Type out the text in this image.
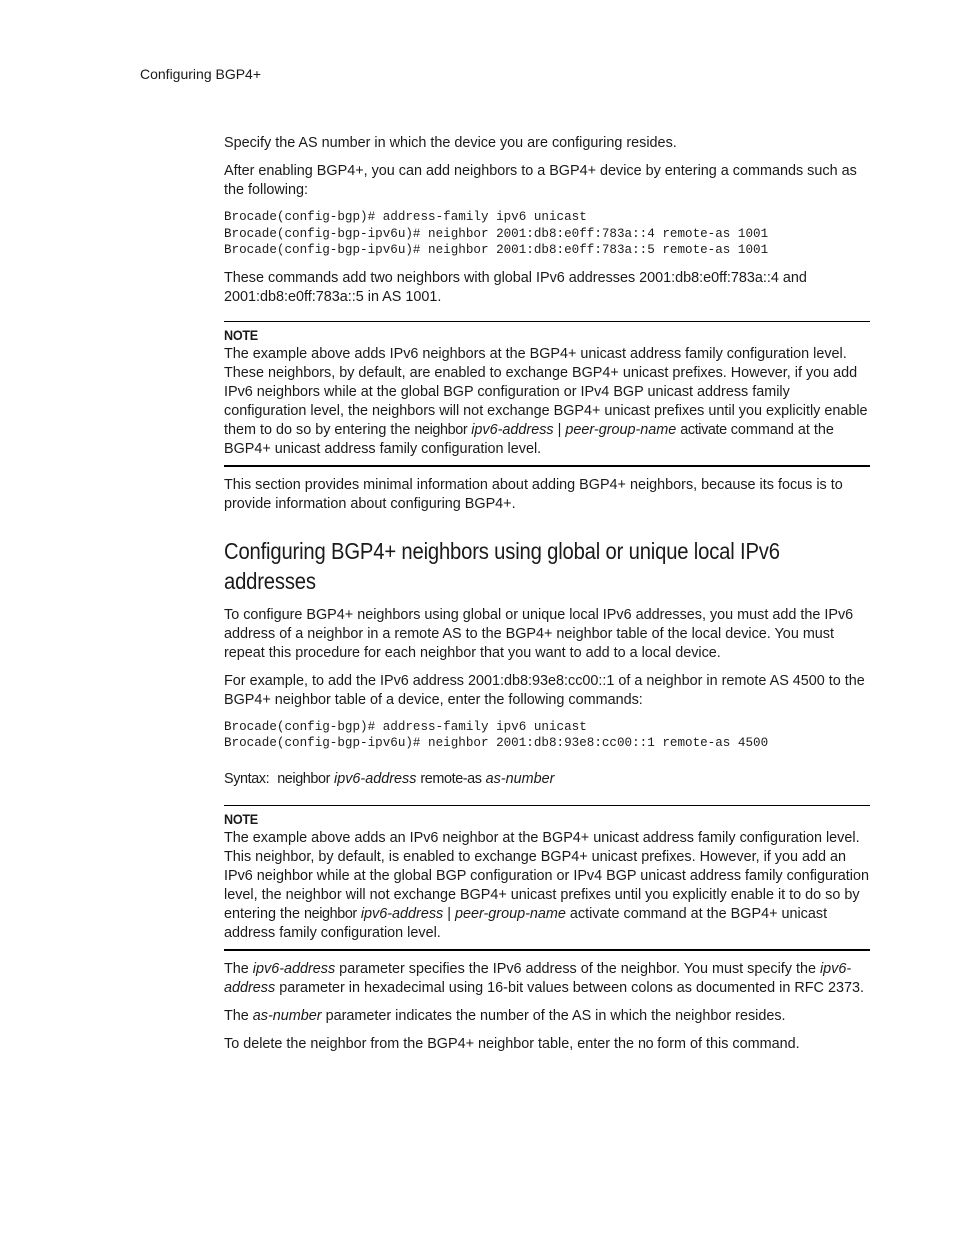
Configuring BGP4+

Specify the AS number in which the device you are configuring resides.

After enabling BGP4+, you can add neighbors to a BGP4+ device by entering a commands such as the following:

Brocade(config-bgp)# address-family ipv6 unicast
Brocade(config-bgp-ipv6u)# neighbor 2001:db8:e0ff:783a::4 remote-as 1001
Brocade(config-bgp-ipv6u)# neighbor 2001:db8:e0ff:783a::5 remote-as 1001

These commands add two neighbors with global IPv6 addresses 2001:db8:e0ff:783a::4 and 2001:db8:e0ff:783a::5 in AS 1001.

NOTE

The example above adds IPv6 neighbors at the BGP4+ unicast address family configuration level. These neighbors, by default, are enabled to exchange BGP4+ unicast prefixes. However, if you add IPv6 neighbors while at the global BGP configuration or IPv4 BGP unicast address family configuration level, the neighbors will not exchange BGP4+ unicast prefixes until you explicitly enable them to do so by entering the neighbor ipv6-address | peer-group-name activate command at the BGP4+ unicast address family configuration level.

This section provides minimal information about adding BGP4+ neighbors, because its focus is to provide information about configuring BGP4+.

Configuring BGP4+ neighbors using global or unique local IPv6 addresses

To configure BGP4+ neighbors using global or unique local IPv6 addresses, you must add the IPv6 address of a neighbor in a remote AS to the BGP4+ neighbor table of the local device. You must repeat this procedure for each neighbor that you want to add to a local device.

For example, to add the IPv6 address 2001:db8:93e8:cc00::1 of a neighbor in remote AS 4500 to the BGP4+ neighbor table of a device, enter the following commands:

Brocade(config-bgp)# address-family ipv6 unicast
Brocade(config-bgp-ipv6u)# neighbor 2001:db8:93e8:cc00::1 remote-as 4500
Syntax: neighbor ipv6-address remote-as as-number
NOTE

The example above adds an IPv6 neighbor at the BGP4+ unicast address family configuration level. This neighbor, by default, is enabled to exchange BGP4+ unicast prefixes. However, if you add an IPv6 neighbor while at the global BGP configuration or IPv4 BGP unicast address family configuration level, the neighbor will not exchange BGP4+ unicast prefixes until you explicitly enable it to do so by entering the neighbor ipv6-address | peer-group-name activate command at the BGP4+ unicast address family configuration level.

The ipv6-address parameter specifies the IPv6 address of the neighbor. You must specify the ipv6-address parameter in hexadecimal using 16-bit values between colons as documented in RFC 2373.

The as-number parameter indicates the number of the AS in which the neighbor resides.

To delete the neighbor from the BGP4+ neighbor table, enter the no form of this command.
